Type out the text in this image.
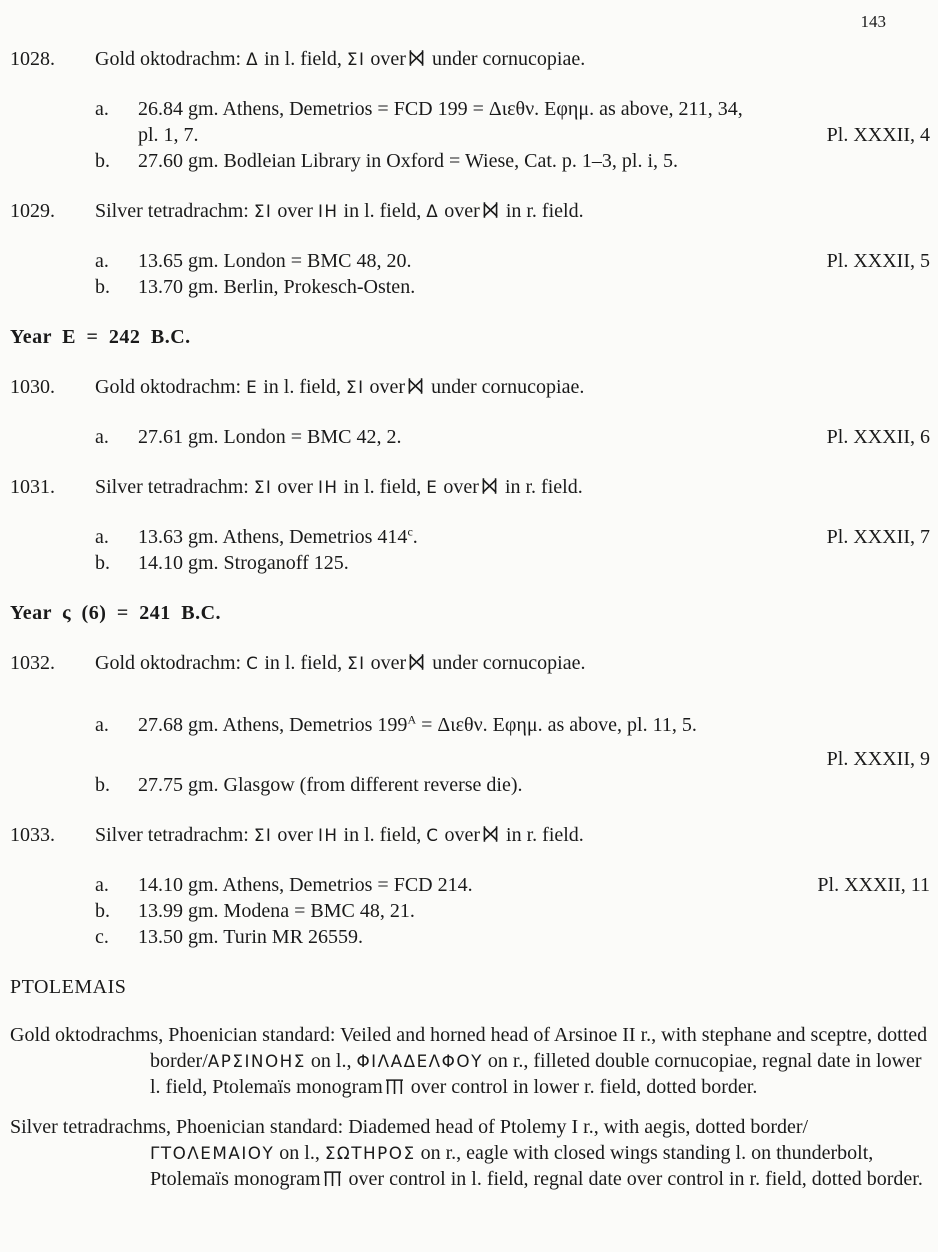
143
1028.	Gold oktodrachm: Δ in l. field, ΣΙ over under cornucopiae.
a.	26.84 gm. Athens, Demetrios = FCD 199 = Διεθν. Εφημ. as above, 211, 34,
pl. 1, 7.	Pl. XXXII, 4
b.	27.60 gm. Bodleian Library in Oxford = Wiese, Cat. p. 1–3, pl. i, 5.
1029.	Silver tetradrachm: ΣΙ over ΙΗ in l. field, Δ over in r. field.
a.	13.65 gm. London = BMC 48, 20.	Pl. XXXII, 5
b.	13.70 gm. Berlin, Prokesch-Osten.
Year E = 242 B.C.
1030.	Gold oktodrachm: Ε in l. field, ΣΙ over under cornucopiae.
a.	27.61 gm. London = BMC 42, 2.	Pl. XXXII, 6
1031.	Silver tetradrachm: ΣΙ over ΙΗ in l. field, Ε over in r. field.
a.	13.63 gm. Athens, Demetrios 414$^c$.	Pl. XXXII, 7
b.	14.10 gm. Stroganoff 125.
Year ς (6) = 241 B.C.
1032.	Gold oktodrachm: C in l. field, ΣΙ over under cornucopiae.
a.	27.68 gm. Athens, Demetrios $199^A = \Delta\iota\varepsilon\theta\nu$. Εφημ. as above, pl. 11, 5.
Pl. XXXII, 9
b.	27.75 gm. Glasgow (from different reverse die).
1033.	Silver tetradrachm: ΣΙ over ΙΗ in l. field, C over in r. field.
a.	14.10 gm. Athens, Demetrios = FCD 214.	Pl. XXXII, 11
b.	13.99 gm. Modena = BMC 48, 21.
c.	13.50 gm. Turin MR 26559.
PTOLEMAIS
Gold oktodrachms, Phoenician standard: Veiled and horned head of Arsinoe II r., with stephane and sceptre, dotted border/ΑΡΣΙΝΟΗΣ on l., ΦΙΛΑΔΕΛΦΟΥ on r., filleted double cornucopiae, regnal date in lower l. field, Ptolemaïs monogram over control in lower r. field, dotted border.
Silver tetradrachms, Phoenician standard: Diademed head of Ptolemy I r., with aegis, dotted border/ΓΤΟΛΕΜΑΙΟΥ on l., ΣΩΤΗΡΟΣ on r., eagle with closed wings standing l. on thunderbolt, Ptolemaïs monogram over control in l. field, regnal date over control in r. field, dotted border.
